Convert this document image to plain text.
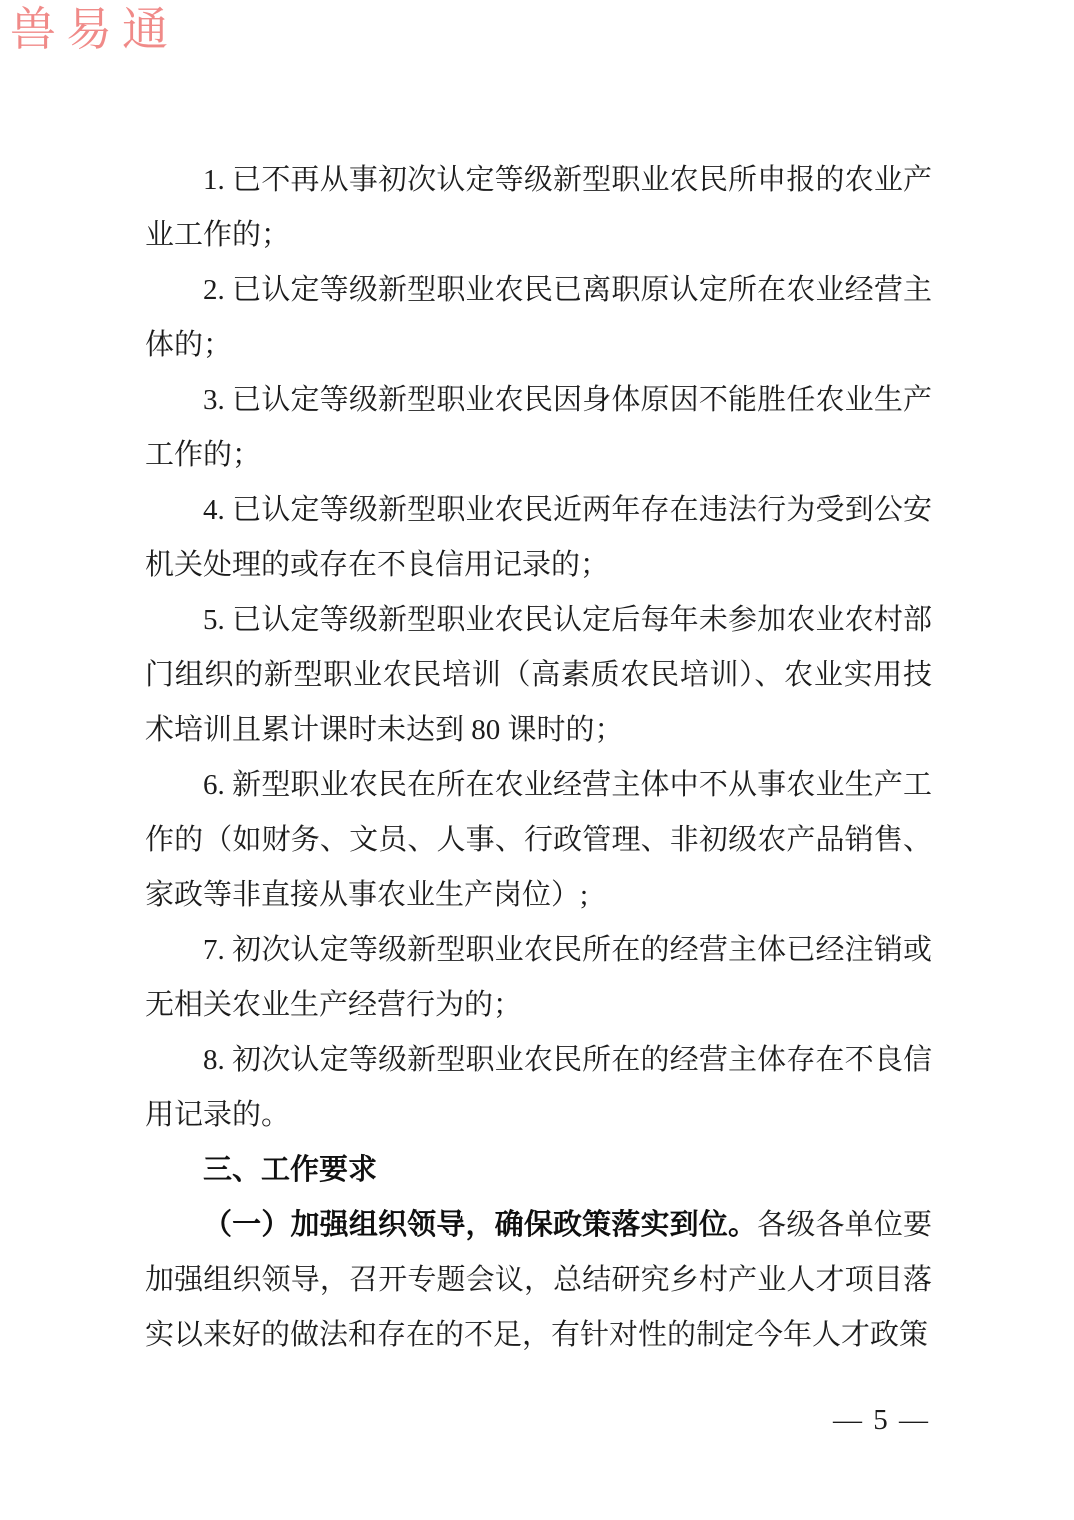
兽易通

1. 已不再从事初次认定等级新型职业农民所申报的农业产业工作的；

2. 已认定等级新型职业农民已离职原认定所在农业经营主体的；

3. 已认定等级新型职业农民因身体原因不能胜任农业生产工作的；

4. 已认定等级新型职业农民近两年存在违法行为受到公安机关处理的或存在不良信用记录的；

5. 已认定等级新型职业农民认定后每年未参加农业农村部门组织的新型职业农民培训（高素质农民培训）、农业实用技术培训且累计课时未达到 80 课时的；

6. 新型职业农民在所在农业经营主体中不从事农业生产工作的（如财务、文员、人事、行政管理、非初级农产品销售、家政等非直接从事农业生产岗位）;

7. 初次认定等级新型职业农民所在的经营主体已经注销或无相关农业生产经营行为的；

8. 初次认定等级新型职业农民所在的经营主体存在不良信用记录的。

三、工作要求

（一）加强组织领导，确保政策落实到位。各级各单位要加强组织领导，召开专题会议，总结研究乡村产业人才项目落实以来好的做法和存在的不足，有针对性的制定今年人才政策

— 5 —
